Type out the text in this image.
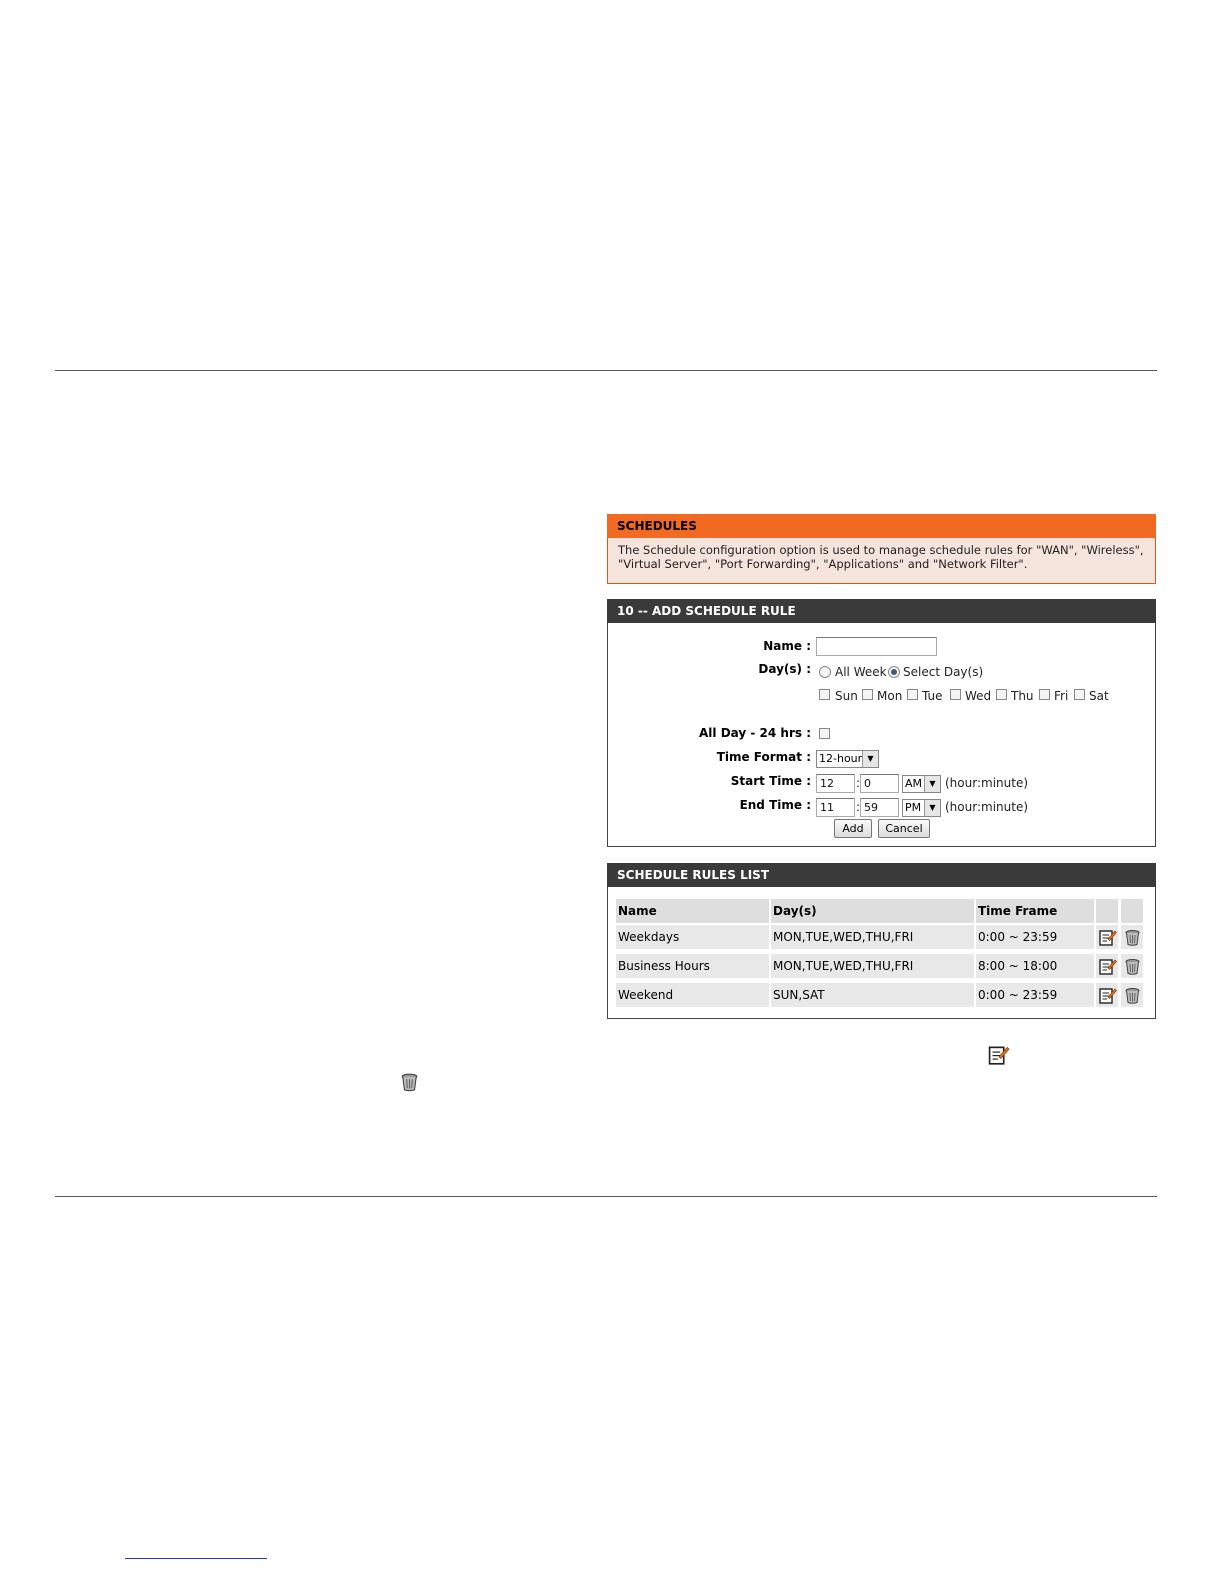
SCHEDULES
The Schedule configuration option is used to manage schedule rules for "WAN", "Wireless", "Virtual Server", "Port Forwarding", "Applications" and "Network Filter".
10 -- ADD SCHEDULE RULE
Name :
Day(s) : All Week Select Day(s)
Sun Mon Tue Wed Thu Fri Sat
All Day - 24 hrs :
Time Format : 12-hour ▼
Start Time : 12	: 0	AM ▼ (hour:minute)
End Time : 11	: 59	PM	▼ (hour:minute)
Add	Cancel
SCHEDULE RULES LIST
Name	Day(s)	Time Frame
Weekdays	MON,TUE,WED,THU,FRI	0:00 ~ 23:59
Business Hours	MON,TUE,WED,THU,FRI	8:00 ~ 18:00
Weekend	SUN,SAT	0:00 ~ 23:59
